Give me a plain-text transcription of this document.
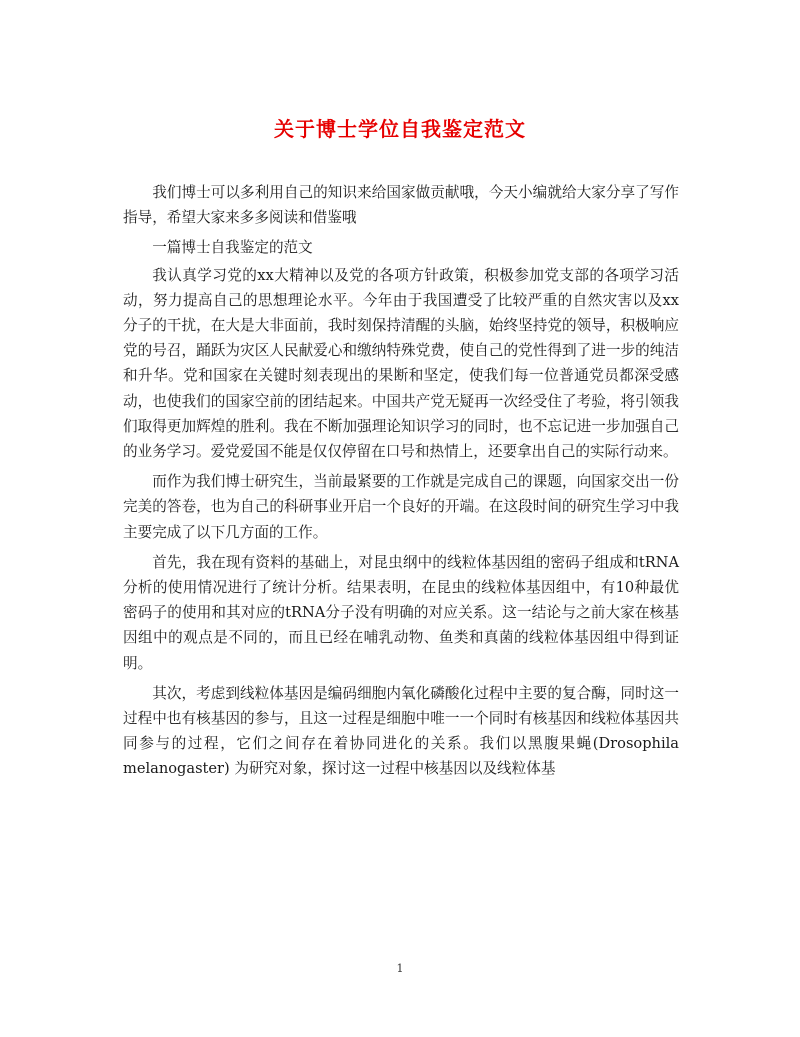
关于博士学位自我鉴定范文

我们博士可以多利用自己的知识来给国家做贡献哦，今天小编就给大家分享了写作指导，希望大家来多多阅读和借鉴哦

一篇博士自我鉴定的范文

我认真学习党的xx大精神以及党的各项方针政策，积极参加党支部的各项学习活动，努力提高自己的思想理论水平。今年由于我国遭受了比较严重的自然灾害以及xx分子的干扰，在大是大非面前，我时刻保持清醒的头脑，始终坚持党的领导，积极响应党的号召，踊跃为灾区人民献爱心和缴纳特殊党费，使自己的党性得到了进一步的纯洁和升华。党和国家在关键时刻表现出的果断和坚定，使我们每一位普通党员都深受感动，也使我们的国家空前的团结起来。中国共产党无疑再一次经受住了考验，将引领我们取得更加辉煌的胜利。我在不断加强理论知识学习的同时，也不忘记进一步加强自己的业务学习。爱党爱国不能是仅仅停留在口号和热情上，还要拿出自己的实际行动来。

而作为我们博士研究生，当前最紧要的工作就是完成自己的课题，向国家交出一份完美的答卷，也为自己的科研事业开启一个良好的开端。在这段时间的研究生学习中我主要完成了以下几方面的工作。

首先，我在现有资料的基础上，对昆虫纲中的线粒体基因组的密码子组成和tRNA分析的使用情况进行了统计分析。结果表明，在昆虫的线粒体基因组中，有10种最优密码子的使用和其对应的tRNA分子没有明确的对应关系。这一结论与之前大家在核基因组中的观点是不同的，而且已经在哺乳动物、鱼类和真菌的线粒体基因组中得到证明。

其次，考虑到线粒体基因是编码细胞内氧化磷酸化过程中主要的复合酶，同时这一过程中也有核基因的参与，且这一过程是细胞中唯一一个同时有核基因和线粒体基因共同参与的过程，它们之间存在着协同进化的关系。我们以黑腹果蝇(Drosophila melanogaster) 为研究对象，探讨这一过程中核基因以及线粒体基

1
